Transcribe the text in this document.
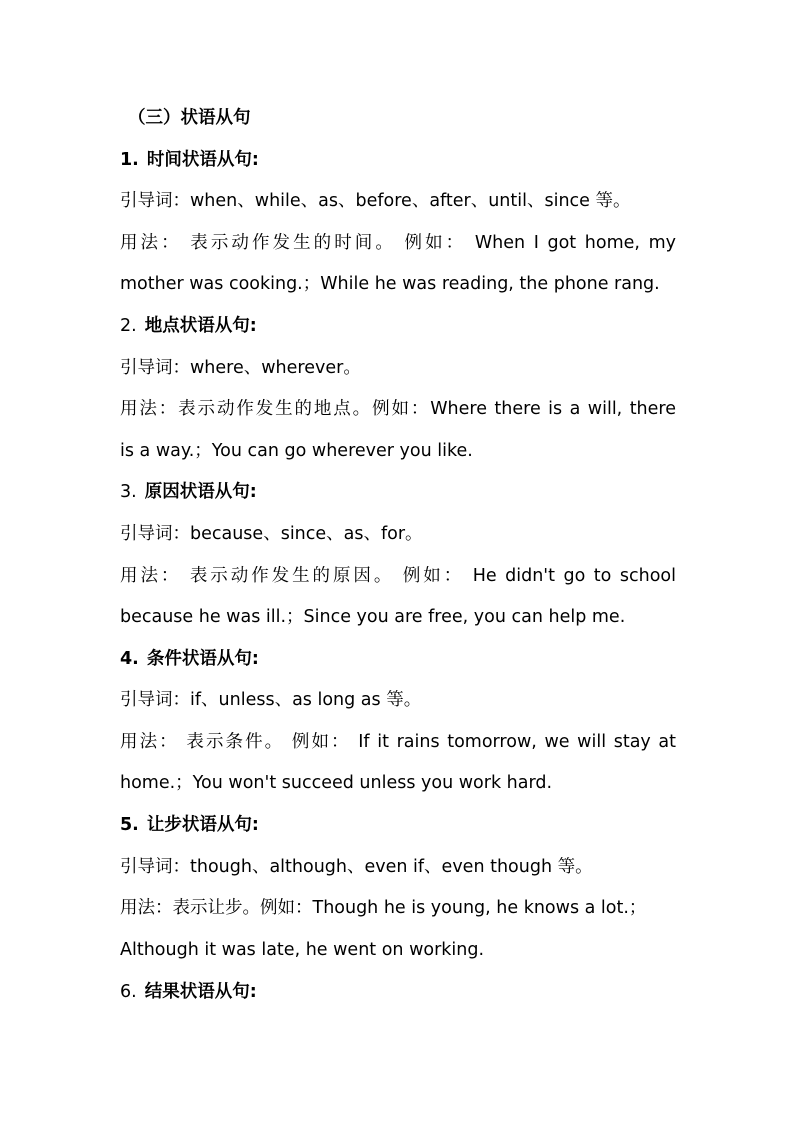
（三）状语从句
1. 时间状语从句:
引导词：when、while、as、before、after、until、since 等。
用法： 表示动作发生的时间。 例如： When I got home, my
mother was cooking.；While he was reading, the phone rang.
2. 地点状语从句:
引导词：where、wherever。
用法：表示动作发生的地点。例如：Where there is a will, there
is a way.；You can go wherever you like.
3. 原因状语从句:
引导词：because、since、as、for。
用法： 表示动作发生的原因。 例如： He didn't go to school
because he was ill.；Since you are free, you can help me.
4. 条件状语从句:
引导词：if、unless、as long as 等。
用法： 表示条件。 例如： If it rains tomorrow, we will stay at
home.；You won't succeed unless you work hard.
5. 让步状语从句:
引导词：though、although、even if、even though 等。
用法：表示让步。例如：Though he is young, he knows a lot.；
Although it was late, he went on working.
6. 结果状语从句:
